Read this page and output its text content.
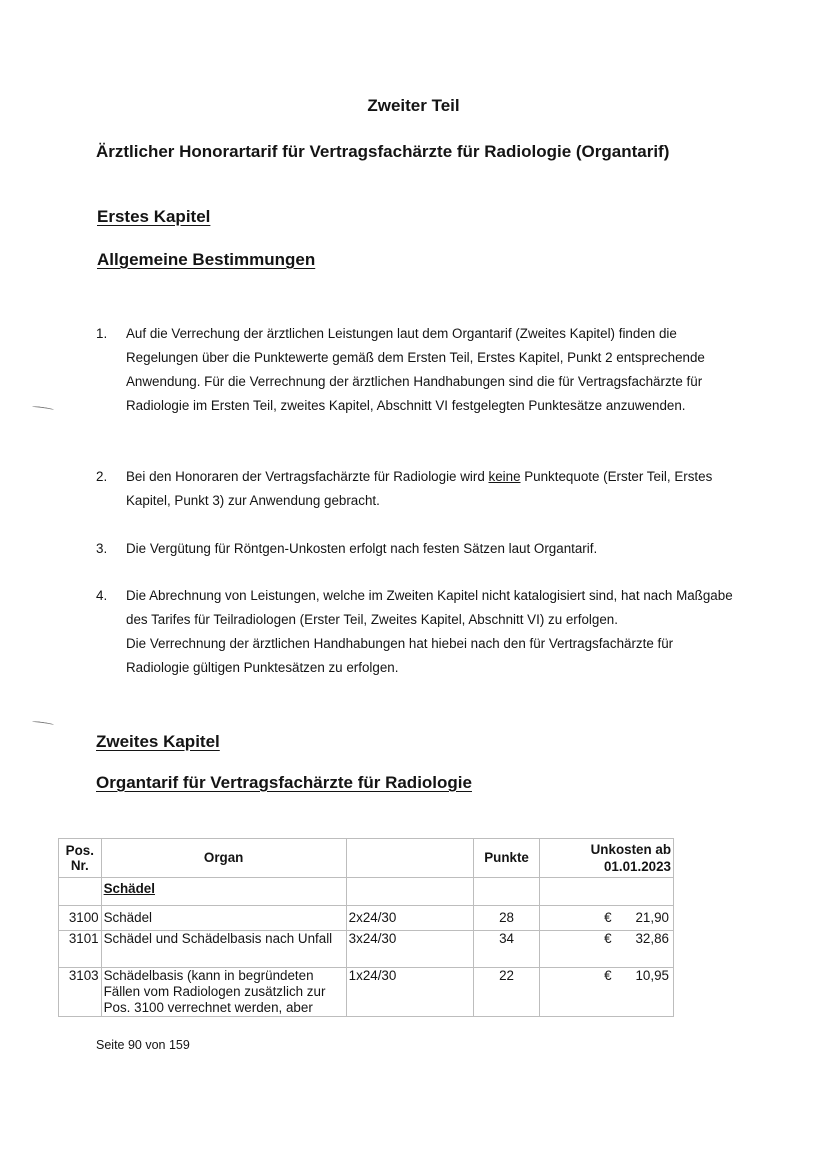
Zweiter Teil
Ärztlicher Honorartarif für Vertragsfachärzte für Radiologie (Organtarif)
Erstes Kapitel
Allgemeine Bestimmungen
1. Auf die Verrechung der ärztlichen Leistungen laut dem Organtarif (Zweites Kapitel) finden die Regelungen über die Punktewerte gemäß dem Ersten Teil, Erstes Kapitel, Punkt 2 entsprechende Anwendung. Für die Verrechnung der ärztlichen Handhabungen sind die für Vertragsfachärzte für Radiologie im Ersten Teil, zweites Kapitel, Abschnitt VI festgelegten Punktesätze anzuwenden.
2. Bei den Honoraren der Vertragsfachärzte für Radiologie wird keine Punktequote (Erster Teil, Erstes Kapitel, Punkt 3) zur Anwendung gebracht.
3. Die Vergütung für Röntgen-Unkosten erfolgt nach festen Sätzen laut Organtarif.
4. Die Abrechnung von Leistungen, welche im Zweiten Kapitel nicht katalogisiert sind, hat nach Maßgabe des Tarifes für Teilradiologen (Erster Teil, Zweites Kapitel, Abschnitt VI) zu erfolgen.
Die Verrechnung der ärztlichen Handhabungen hat hiebei nach den für Vertragsfachärzte für Radiologie gültigen Punktesätzen zu erfolgen.
Zweites Kapitel
Organtarif für Vertragsfachärzte für Radiologie
Pos. Nr.	Organ		Punkte	Unkosten ab
01.01.2023

	Schädel			
3100	Schädel	2x24/30	28	€ 21,90

3101	Schädel und Schädelbasis nach Unfall	3x24/30	34	€ 32,86

3103	Schädelbasis (kann in begründeten Fällen vom Radiologen zusätzlich zur Pos. 3100 verrechnet werden, aber	1x24/30	22	€ 10,95
Seite 90 von 159
